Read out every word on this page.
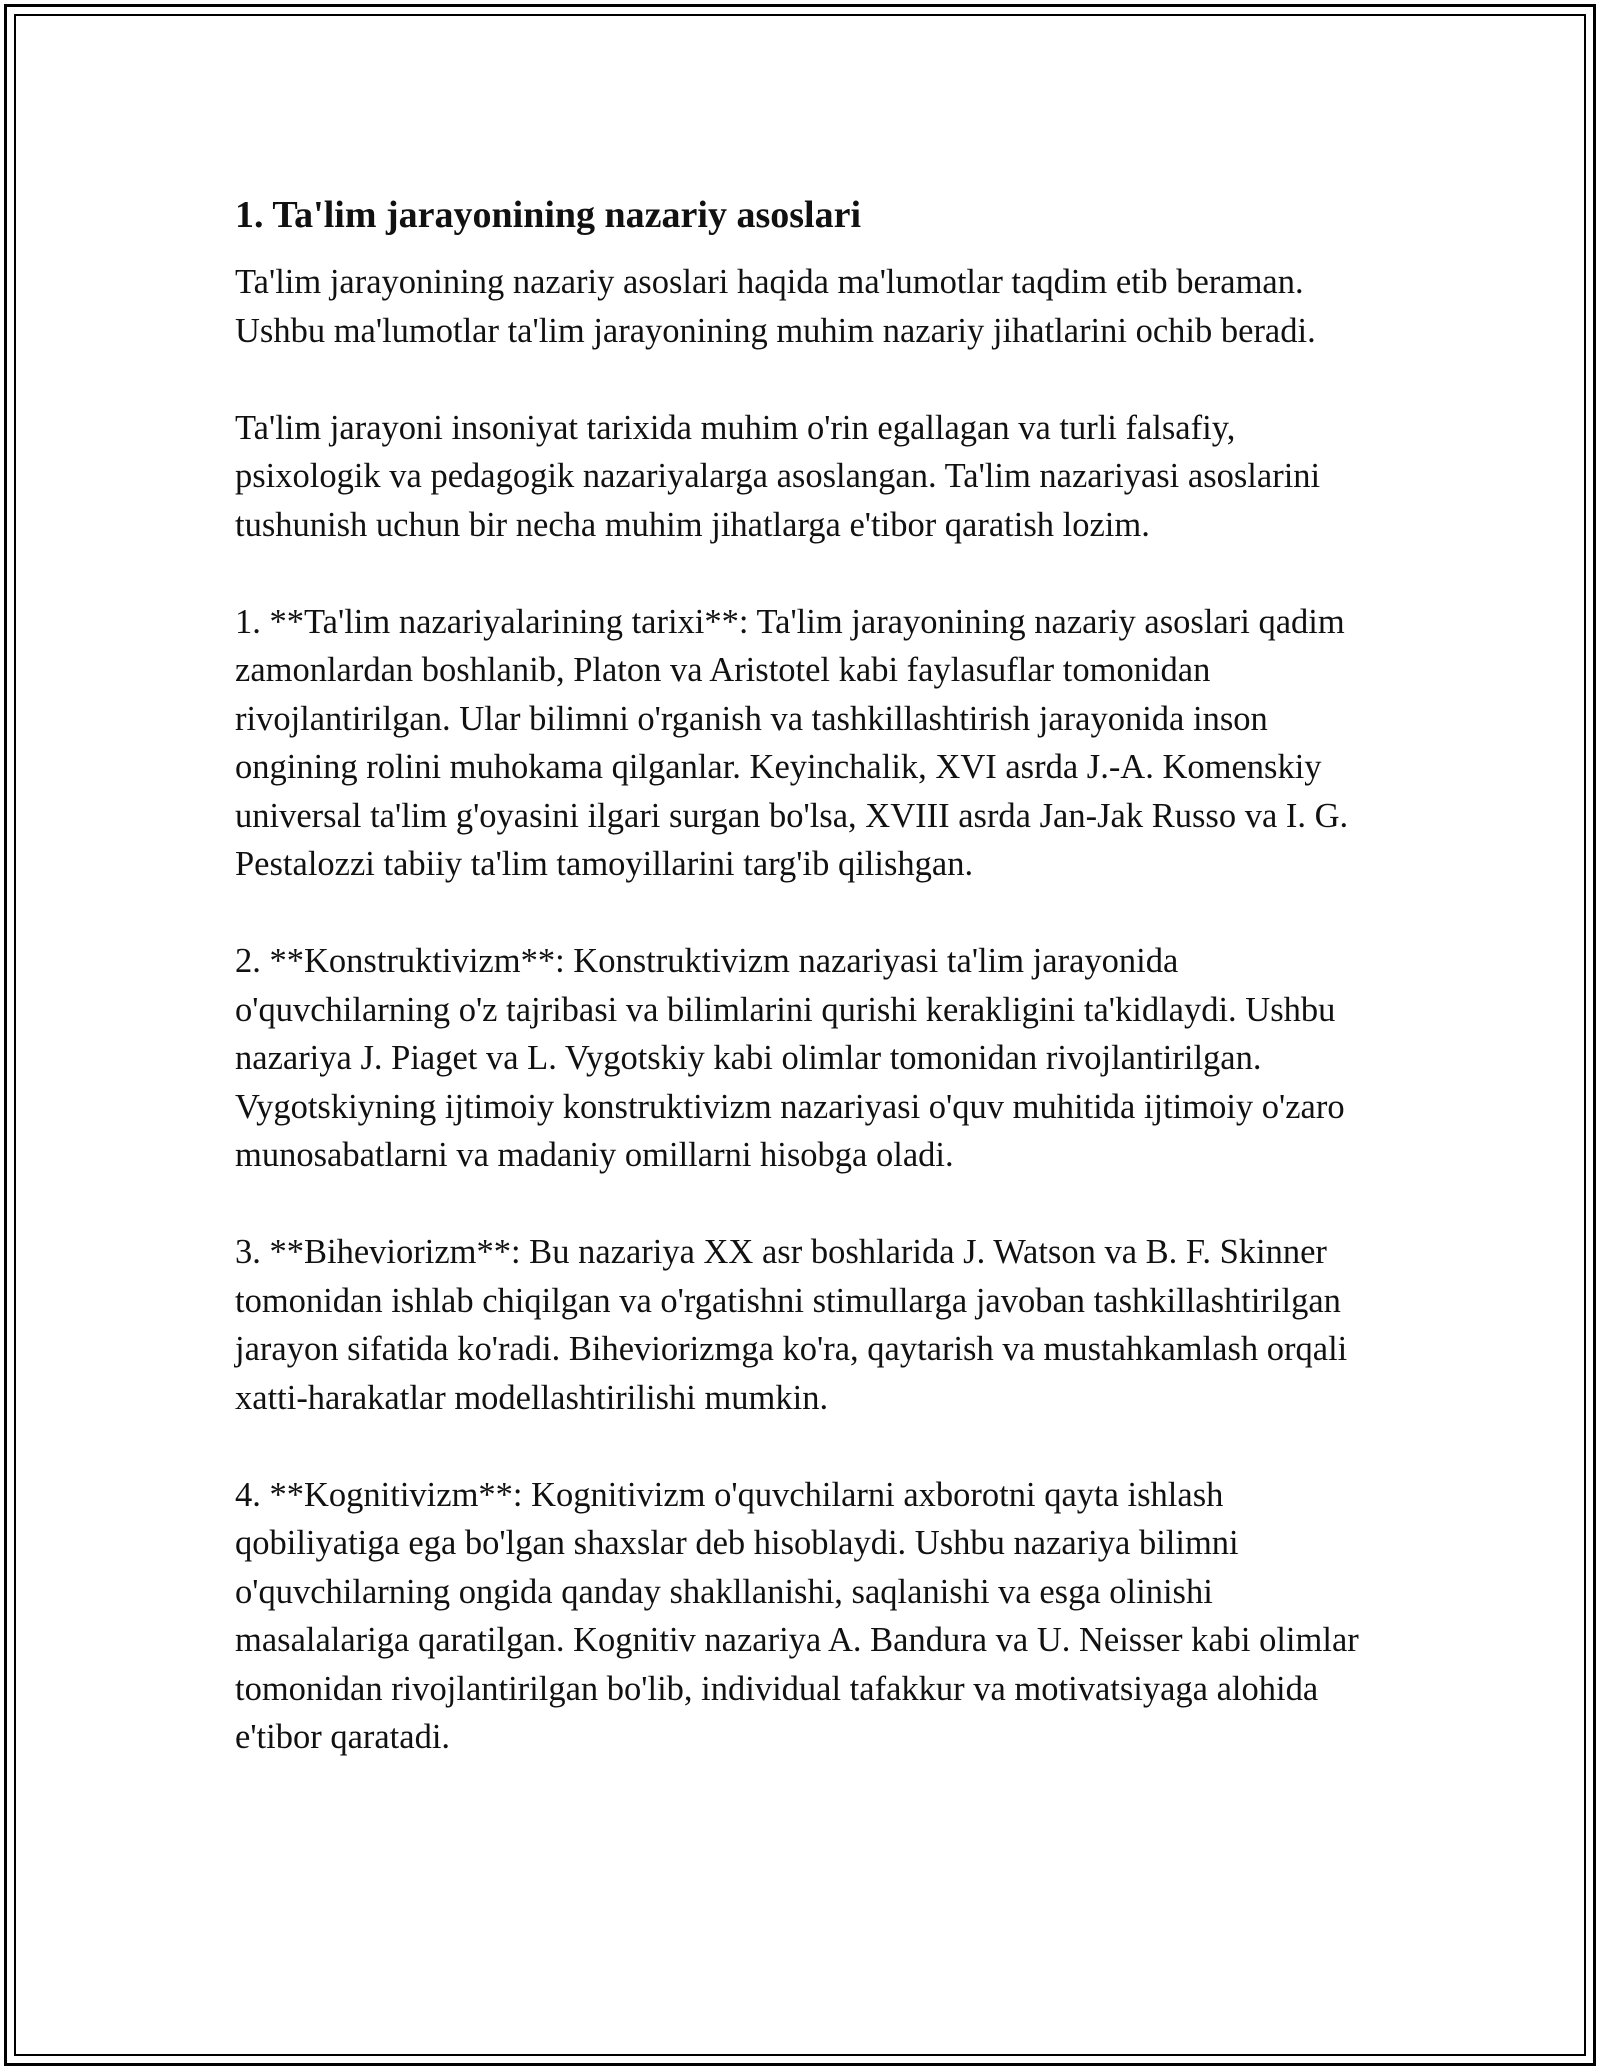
1. Ta'lim jarayonining nazariy asoslari

Ta'lim jarayonining nazariy asoslari haqida ma'lumotlar taqdim etib beraman. Ushbu ma'lumotlar ta'lim jarayonining muhim nazariy jihatlarini ochib beradi.

Ta'lim jarayoni insoniyat tarixida muhim o'rin egallagan va turli falsafiy, psixologik va pedagogik nazariyalarga asoslangan. Ta'lim nazariyasi asoslarini tushunish uchun bir necha muhim jihatlarga e'tibor qaratish lozim.

1. **Ta'lim nazariyalarining tarixi**: Ta'lim jarayonining nazariy asoslari qadim zamonlardan boshlanib, Platon va Aristotel kabi faylasuflar tomonidan rivojlantirilgan. Ular bilimni o'rganish va tashkillashtirish jarayonida inson ongining rolini muhokama qilganlar. Keyinchalik, XVI asrda J.-A. Komenskiy universal ta'lim g'oyasini ilgari surgan bo'lsa, XVIII asrda Jan-Jak Russo va I. G. Pestalozzi tabiiy ta'lim tamoyillarini targ'ib qilishgan.

2. **Konstruktivizm**: Konstruktivizm nazariyasi ta'lim jarayonida o'quvchilarning o'z tajribasi va bilimlarini qurishi kerakligini ta'kidlaydi. Ushbu nazariya J. Piaget va L. Vygotskiy kabi olimlar tomonidan rivojlantirilgan. Vygotskiyning ijtimoiy konstruktivizm nazariyasi o'quv muhitida ijtimoiy o'zaro munosabatlarni va madaniy omillarni hisobga oladi.

3. **Biheviorizm**: Bu nazariya XX asr boshlarida J. Watson va B. F. Skinner tomonidan ishlab chiqilgan va o'rgatishni stimullarga javoban tashkillashtirilgan jarayon sifatida ko'radi. Biheviorizmga ko'ra, qaytarish va mustahkamlash orqali xatti-harakatlar modellashtirilishi mumkin.

4. **Kognitivizm**: Kognitivizm o'quvchilarni axborotni qayta ishlash qobiliyatiga ega bo'lgan shaxslar deb hisoblaydi. Ushbu nazariya bilimni o'quvchilarning ongida qanday shakllanishi, saqlanishi va esga olinishi masalalariga qaratilgan. Kognitiv nazariya A. Bandura va U. Neisser kabi olimlar tomonidan rivojlantirilgan bo'lib, individual tafakkur va motivatsiyaga alohida e'tibor qaratadi.
